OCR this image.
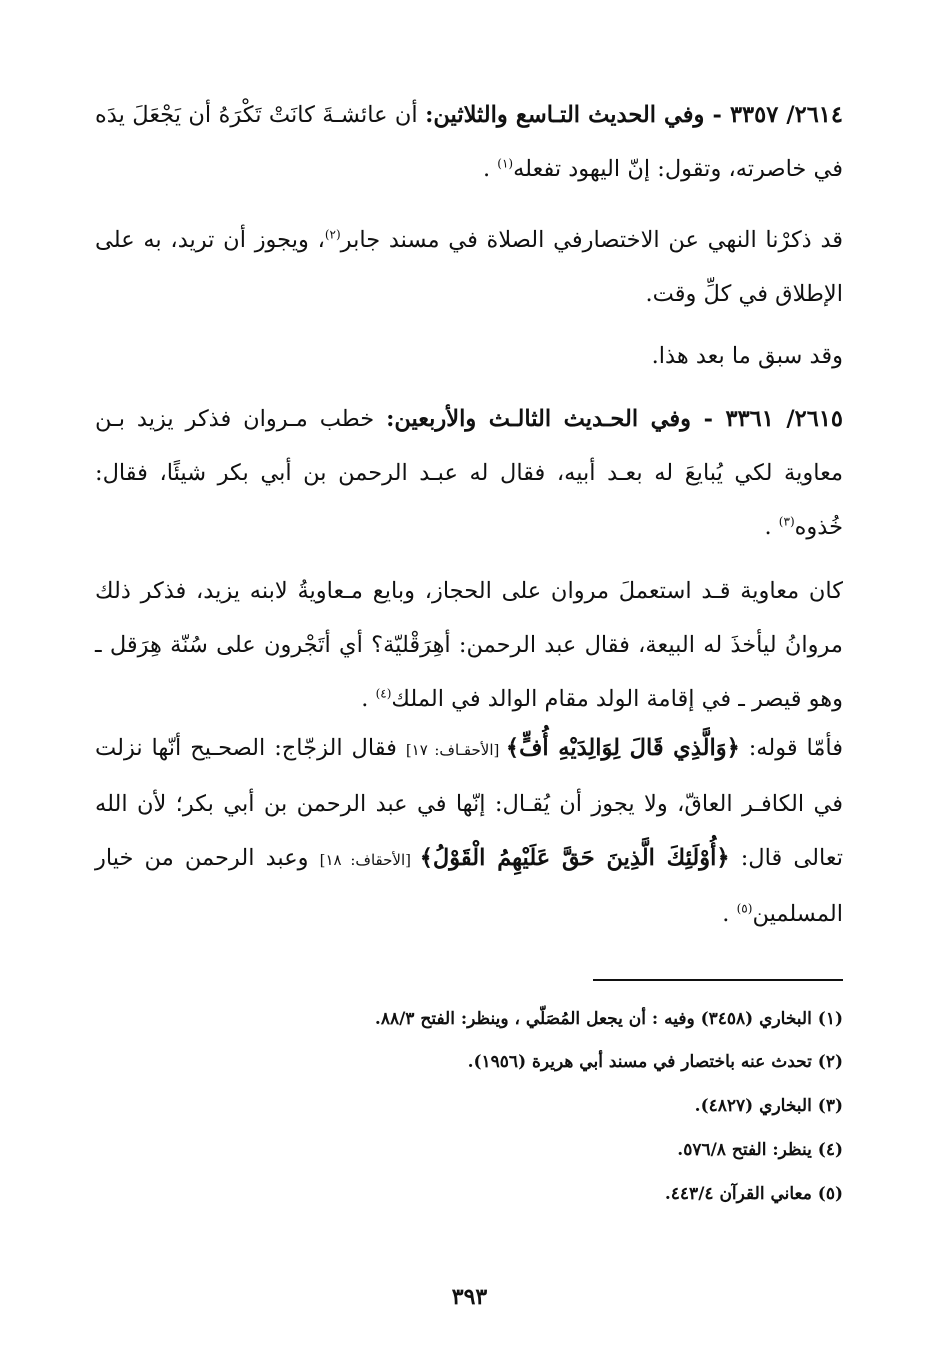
٢٦١٤/ ٣٣٥٧ - وفي الحديث التـاسع والثلاثين: أن عائشـةَ كانَتْ تَكْرَهُ أن يَجْعَلَ يدَه في خاصرته، وتقول: إنّ اليهود تفعله$^{(١)}$ .

قد ذكرْنا النهي عن الاختصارفي الصلاة في مسند جابر$^{(٢)}$، ويجوز أن تريد، به على الإطلاق في كلِّ وقت.

وقد سبق ما بعد هذا.

٢٦١٥/ ٣٣٦١ - وفي الحـديث الثالـث والأربعين: خطب مـروان فذكر يزيد بـن معاوية لكي يُبايعَ له بعـد أبيه، فقال له عبـد الرحمن بن أبي بكر شيئًا، فقال: خُذوه$^{(٣)}$ .

كان معاوية قـد استعملَ مروان على الحجاز، وبايع مـعاويةُ لابنه يزيد، فذكر ذلك مروانُ ليأخذَ له البيعة، فقال عبد الرحمن: أهِرَقْليّة؟ أي أتَجْرون على سُنّة هِرَقل ـ وهو قيصر ـ في إقامة الولد مقام الوالد في الملك$^{(٤)}$ .

فأمّا قوله: ﴿وَالَّذِي قَالَ لِوَالِدَيْهِ أُفٍّ﴾ [الأحقـاف: ١٧] فقال الزجّاج: الصحـيح أنّها نزلت في الكافـر العاقّ، ولا يجوز أن يُقـال: إنّها في عبد الرحمن بن أبي بكر؛ لأن الله تعالى قال: ﴿أُوْلَئِكَ الَّذِينَ حَقَّ عَلَيْهِمُ الْقَوْلُ﴾ [الأحقاف: ١٨] وعبد الرحمن من خيار المسلمين$^{(٥)}$ .

(١) البخاري (٣٤٥٨) وفيه : أن يجعل المُصَلّي ، وينظر: الفتح ٨٨/٣.
(٢) تحدث عنه باختصار في مسند أبي هريرة (١٩٥٦).
(٣) البخاري (٤٨٢٧).
(٤) ينظر: الفتح ٥٧٦/٨.
(٥) معاني القرآن ٤٤٣/٤.
٣٩٣
